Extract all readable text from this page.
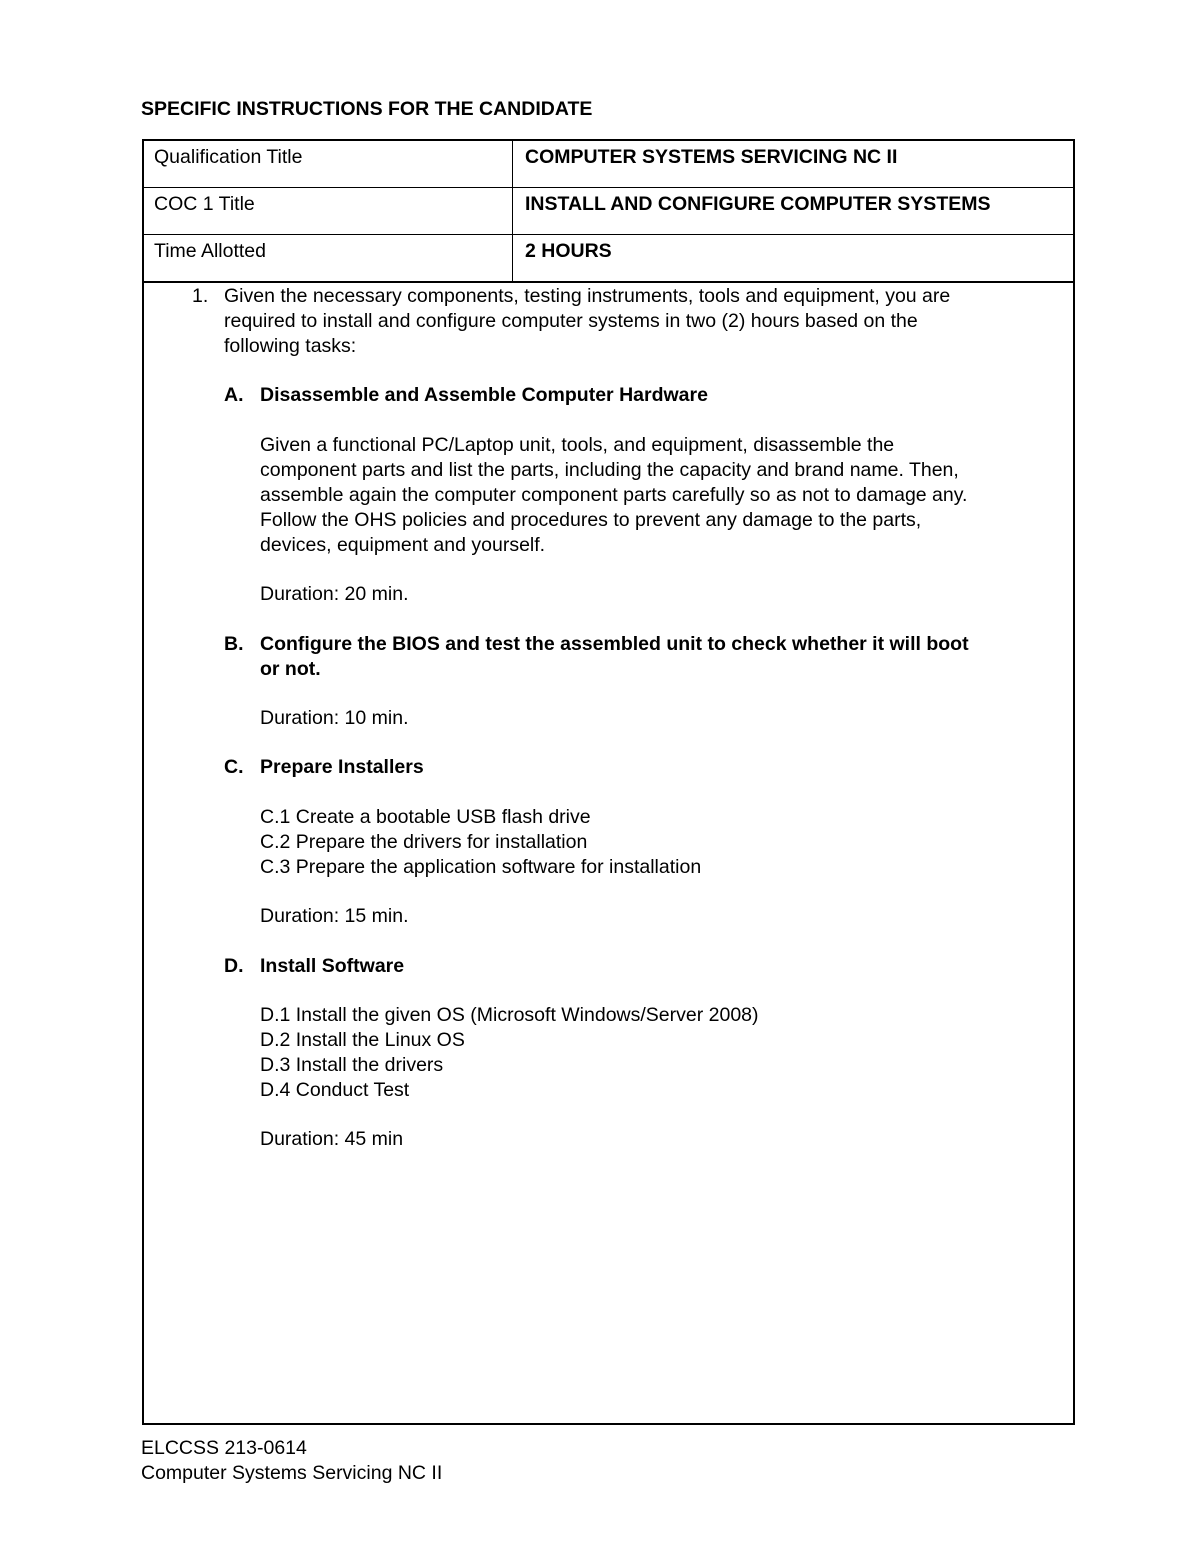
SPECIFIC INSTRUCTIONS FOR THE CANDIDATE
Qualification Title	COMPUTER SYSTEMS SERVICING NC II
COC 1 Title	INSTALL AND CONFIGURE COMPUTER SYSTEMS
Time Allotted	2 HOURS
1. Given the necessary components, testing instruments, tools and equipment, you are
required to install and configure computer systems in two (2) hours based on the
following tasks:
A. Disassemble and Assemble Computer Hardware
Given a functional PC/Laptop unit, tools, and equipment, disassemble the
component parts and list the parts, including the capacity and brand name. Then,
assemble again the computer component parts carefully so as not to damage any.
Follow the OHS policies and procedures to prevent any damage to the parts,
devices, equipment and yourself.
Duration: 20 min.
B. Configure the BIOS and test the assembled unit to check whether it will boot
or not.
Duration: 10 min.
C. Prepare Installers
C.1 Create a bootable USB flash drive
C.2 Prepare the drivers for installation
C.3 Prepare the application software for installation
Duration: 15 min.
D. Install Software
D.1 Install the given OS (Microsoft Windows/Server 2008)
D.2 Install the Linux OS
D.3 Install the drivers
D.4 Conduct Test
Duration: 45 min
ELCCSS 213-0614
Computer Systems Servicing NC II
